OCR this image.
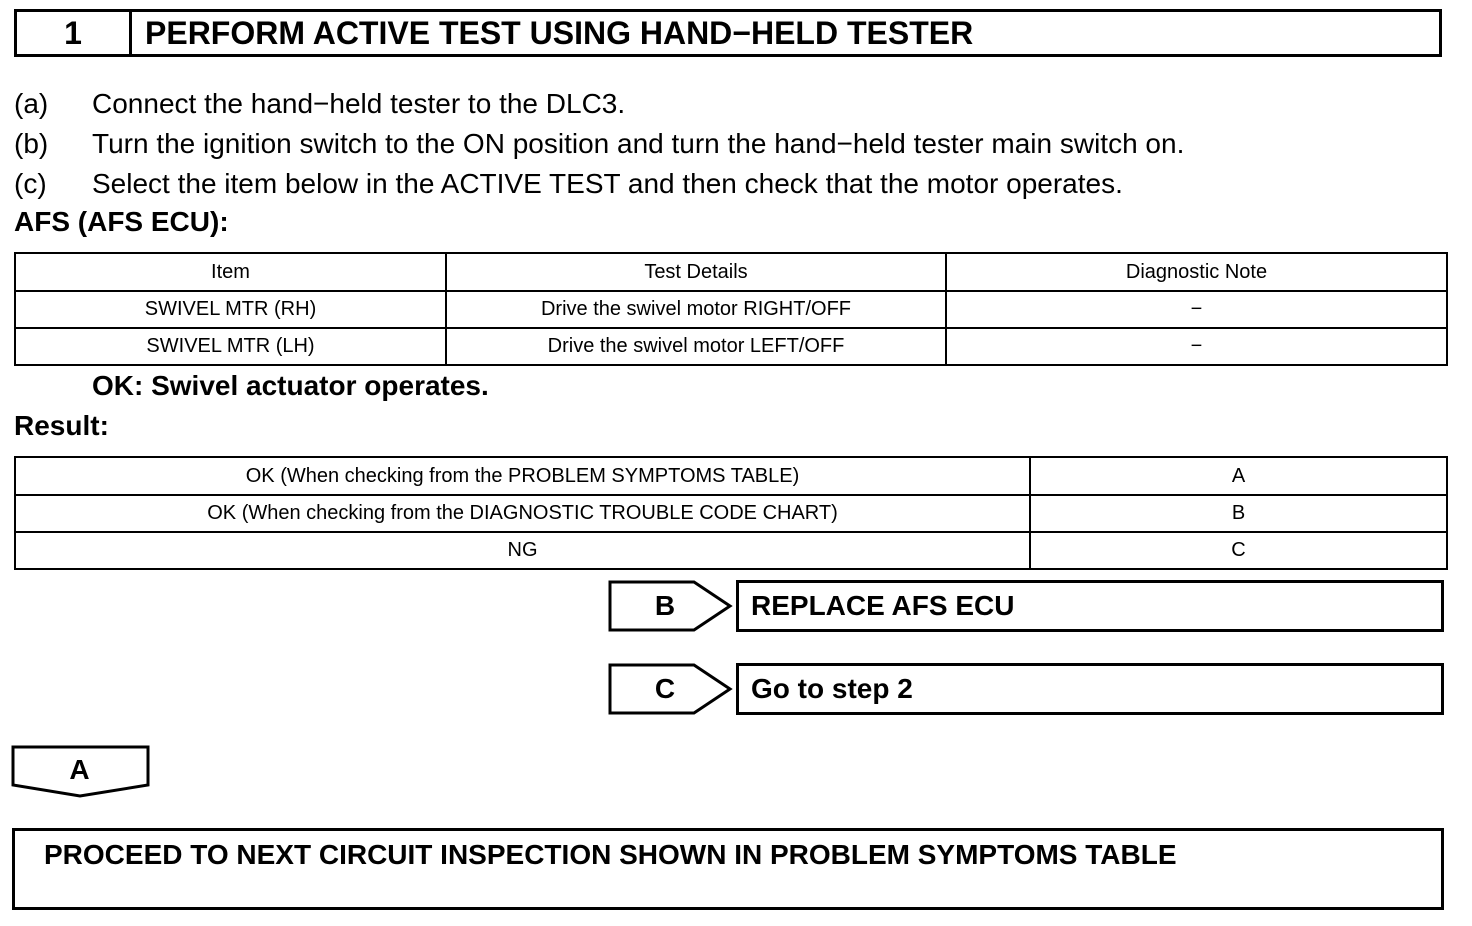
1	PERFORM ACTIVE TEST USING HAND−HELD TESTER
(a) Connect the hand−held tester to the DLC3.
(b) Turn the ignition switch to the ON position and turn the hand−held tester main switch on.
(c) Select the item below in the ACTIVE TEST and then check that the motor operates.
AFS (AFS ECU):
Item	Test Details	Diagnostic Note
SWIVEL MTR (RH)	Drive the swivel motor RIGHT/OFF	−
SWIVEL MTR (LH)	Drive the swivel motor LEFT/OFF	−
OK: Swivel actuator operates.
Result:
OK (When checking from the PROBLEM SYMPTOMS TABLE)	A
OK (When checking from the DIAGNOSTIC TROUBLE CODE CHART)	B
NG	C
B	REPLACE AFS ECU
C	Go to step 2
A
PROCEED TO NEXT CIRCUIT INSPECTION SHOWN IN PROBLEM SYMPTOMS TABLE
